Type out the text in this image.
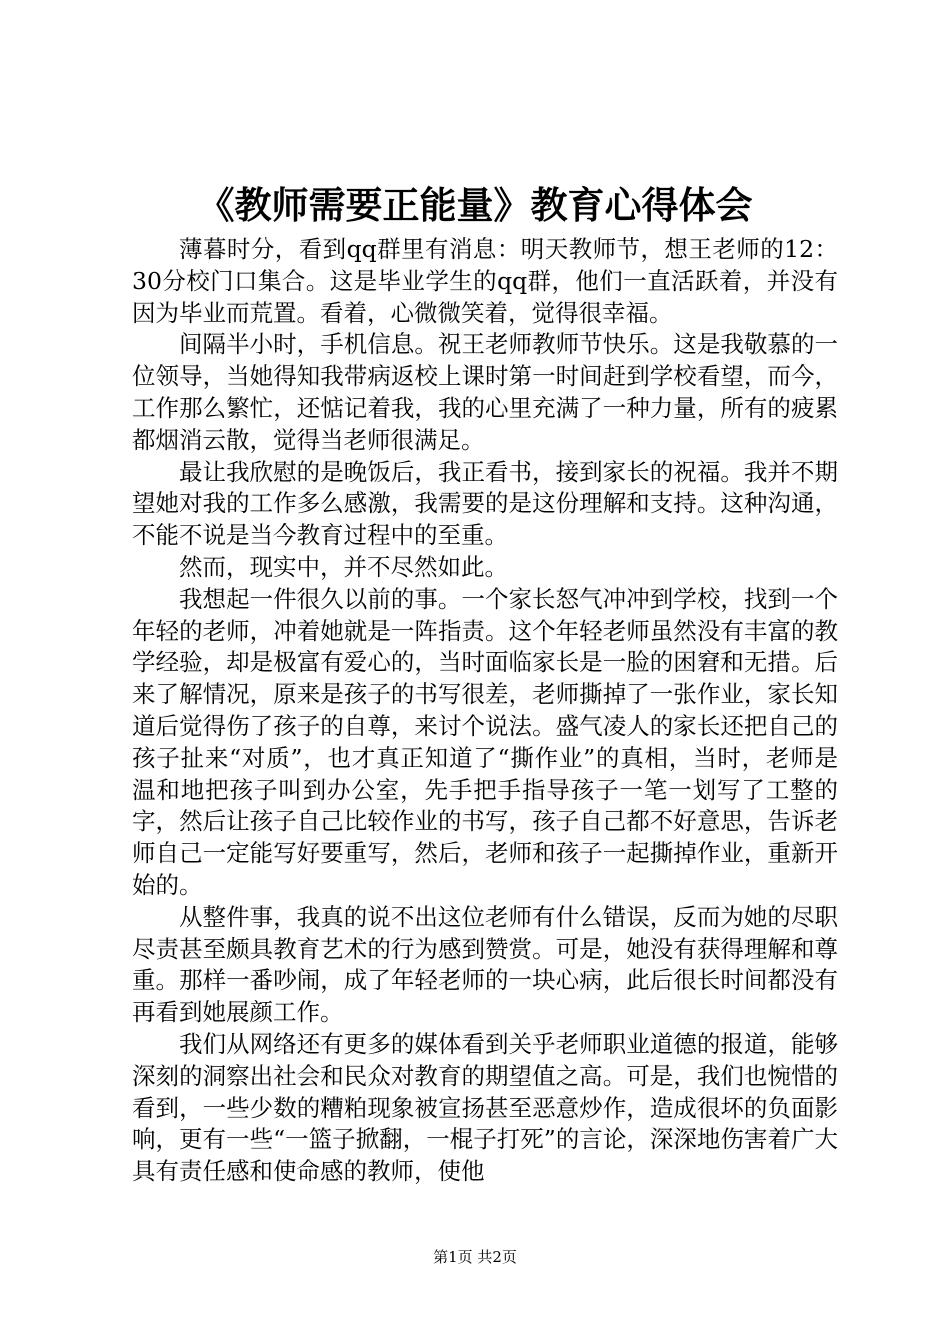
《教师需要正能量》教育心得体会

薄暮时分，看到qq群里有消息：明天教师节，想王老师的12：30分校门口集合。这是毕业学生的qq群，他们一直活跃着，并没有因为毕业而荒置。看着，心微微笑着，觉得很幸福。

间隔半小时，手机信息。祝王老师教师节快乐。这是我敬慕的一位领导，当她得知我带病返校上课时第一时间赶到学校看望，而今，工作那么繁忙，还惦记着我，我的心里充满了一种力量，所有的疲累都烟消云散，觉得当老师很满足。

最让我欣慰的是晚饭后，我正看书，接到家长的祝福。我并不期望她对我的工作多么感激，我需要的是这份理解和支持。这种沟通，不能不说是当今教育过程中的至重。

然而，现实中，并不尽然如此。

我想起一件很久以前的事。一个家长怒气冲冲到学校，找到一个年轻的老师，冲着她就是一阵指责。这个年轻老师虽然没有丰富的教学经验，却是极富有爱心的，当时面临家长是一脸的困窘和无措。后来了解情况，原来是孩子的书写很差，老师撕掉了一张作业，家长知道后觉得伤了孩子的自尊，来讨个说法。盛气凌人的家长还把自己的孩子扯来“对质”，也才真正知道了“撕作业”的真相，当时，老师是温和地把孩子叫到办公室，先手把手指导孩子一笔一划写了工整的字，然后让孩子自己比较作业的书写，孩子自己都不好意思，告诉老师自己一定能写好要重写，然后，老师和孩子一起撕掉作业，重新开始的。

从整件事，我真的说不出这位老师有什么错误，反而为她的尽职尽责甚至颇具教育艺术的行为感到赞赏。可是，她没有获得理解和尊重。那样一番吵闹，成了年轻老师的一块心病，此后很长时间都没有再看到她展颜工作。

我们从网络还有更多的媒体看到关乎老师职业道德的报道，能够深刻的洞察出社会和民众对教育的期望值之高。可是，我们也惋惜的看到，一些少数的糟粕现象被宣扬甚至恶意炒作，造成很坏的负面影响，更有一些“一篮子掀翻，一棍子打死”的言论，深深地伤害着广大具有责任感和使命感的教师，使他

第1页 共2页
